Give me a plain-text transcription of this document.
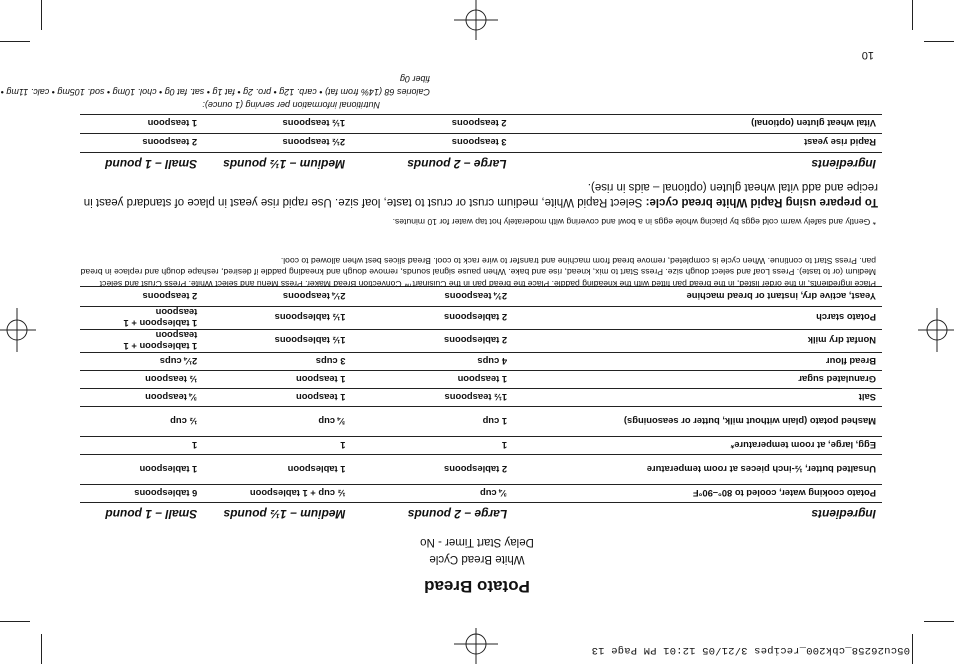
05cu26258_cbk200_recipes 3/21/05 12:01 PM Page 13
Potato Bread
White Bread Cycle
Delay Start Timer - No
Ingredients	Large – 2 pounds	Medium – 1½ pounds	Small – 1 pound
Potato cooking water, cooled to 80°–90°F	¾ cup	½ cup + 1 tablespoon	6 tablespoons
Unsalted butter, ½-inch pieces at room temperature	2 tablespoons	1 tablespoon	1 tablespoon
Egg, large, at room temperature*	1	1	1
Mashed potato (plain without milk, butter or seasonings)	1 cup	¾ cup	½ cup
Salt	1½ teaspoons	1 teaspoon	¾ teaspoon
Granulated sugar	1 teaspoon	1 teaspoon	½ teaspoon
Bread flour	4 cups	3 cups	2¼ cups
Nonfat dry milk	2 tablespoons	1½ tablespoons	1 tablespoon + 1 teaspoon
Potato starch	2 tablespoons	1½ tablespoons	1 tablespoon + 1 teaspoon
Yeast, active dry, instant or bread machine	2¾ teaspoons	2¼ teaspoons	2 teaspoons
Place ingredients, in the order listed, in the bread pan fitted with the kneading paddle. Place the bread pan in the Cuisinart™ Convection Bread Maker. Press Menu and select White. Press Crust and select Medium (or to taste). Press Loaf and select dough size. Press Start to mix, knead, rise and bake. When pause signal sounds, remove dough and kneading paddle if desired, reshape dough and replace in bread pan. Press Start to continue. When cycle is completed, remove bread from machine and transfer to wire rack to cool. Bread slices best when allowed to cool.
* Gently and safely warm cold eggs by placing whole eggs in a bowl and covering with moderately hot tap water for 10 minutes.
To prepare using Rapid White bread cycle: Select Rapid White, medium crust or crust to taste, loaf size. Use rapid rise yeast in place of standard yeast in recipe and add vital wheat gluten (optional – aids in rise).
Ingredients	Large – 2 pounds	Medium – 1½ pounds	Small – 1 pound
Rapid rise yeast	3 teaspoons	2½ teaspoons	2 teaspoons
Vital wheat gluten (optional)	2 teaspoons	1½ teaspoons	1 teaspoon
Nutritional information per serving (1 ounce):
Calories 68 (14% from fat) • carb. 12g • pro. 2g • fat 1g • sat. fat 0g • chol. 10mg • sod. 105mg • calc. 11mg • fiber 0g
10
